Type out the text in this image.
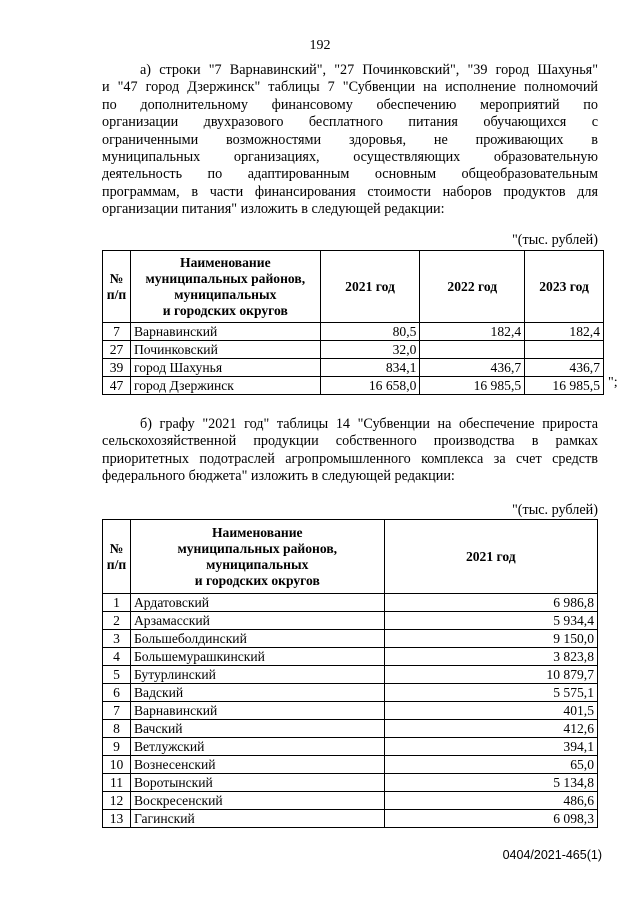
192
а) строки "7 Варнавинский", "27 Починковский", "39 город Шахунья"
и "47 город Дзержинск" таблицы 7 "Субвенции на исполнение полномочий
по дополнительному финансовому обеспечению мероприятий по
организации двухразового бесплатного питания обучающихся с
ограниченными возможностями здоровья, не проживающих в
муниципальных организациях, осуществляющих образовательную
деятельность по адаптированным основным общеобразовательным
программам, в части финансирования стоимости наборов продуктов для
организации питания" изложить в следующей редакции:
"(тыс. рублей)
№
п/п	Наименование
муниципальных районов,
муниципальных
и городских округов	2021 год	2022 год	2023 год
7	Варнавинский	80,5	182,4	182,4
27	Починковский	32,0		
39	город Шахунья	834,1	436,7	436,7
47	город Дзержинск	16 658,0	16 985,5	16 985,5 ";
б) графу "2021 год" таблицы 14 "Субвенции на обеспечение прироста
сельскохозяйственной продукции собственного производства в рамках
приоритетных подотраслей агропромышленного комплекса за счет средств
федерального бюджета" изложить в следующей редакции:
"(тыс. рублей)
№
п/п	Наименование
муниципальных районов,
муниципальных
и городских округов	2021 год
1	Ардатовский	6 986,8
2	Арзамасский	5 934,4
3	Большеболдинский	9 150,0
4	Большемурашкинский	3 823,8
5	Бутурлинский	10 879,7
6	Вадский	5 575,1
7	Варнавинский	401,5
8	Вачский	412,6
9	Ветлужский	394,1
10	Вознесенский	65,0
11	Воротынский	5 134,8
12	Воскресенский	486,6
13	Гагинский	6 098,3
0404/2021-465(1)
